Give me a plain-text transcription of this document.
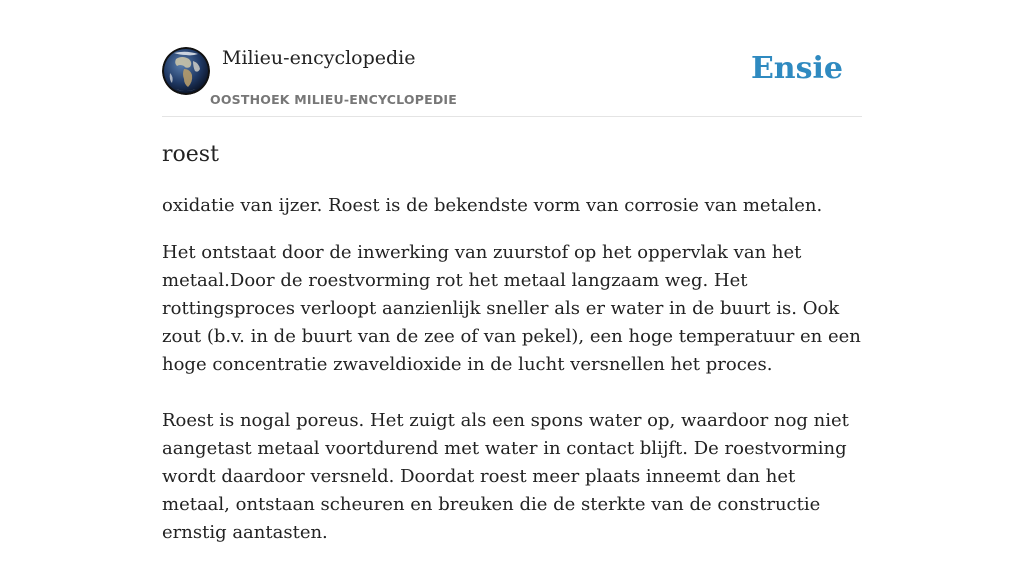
Milieu-encyclopedie
OOSTHOEK MILIEU-ENCYCLOPEDIE
Ensie
roest

oxidatie van ijzer. Roest is de bekendste vorm van corrosie van metalen.

Het ontstaat door de inwerking van zuurstof op het oppervlak van het metaal.Door de roestvorming rot het metaal langzaam weg. Het rottingsproces verloopt aanzienlijk sneller als er water in de buurt is. Ook zout (b.v. in de buurt van de zee of van pekel), een hoge temperatuur en een hoge concentratie zwaveldioxide in de lucht versnellen het proces.

Roest is nogal poreus. Het zuigt als een spons water op, waardoor nog niet aangetast metaal voortdurend met water in contact blijft. De roestvorming wordt daardoor versneld. Doordat roest meer plaats inneemt dan het metaal, ontstaan scheuren en breuken die de sterkte van de constructie ernstig aantasten.
